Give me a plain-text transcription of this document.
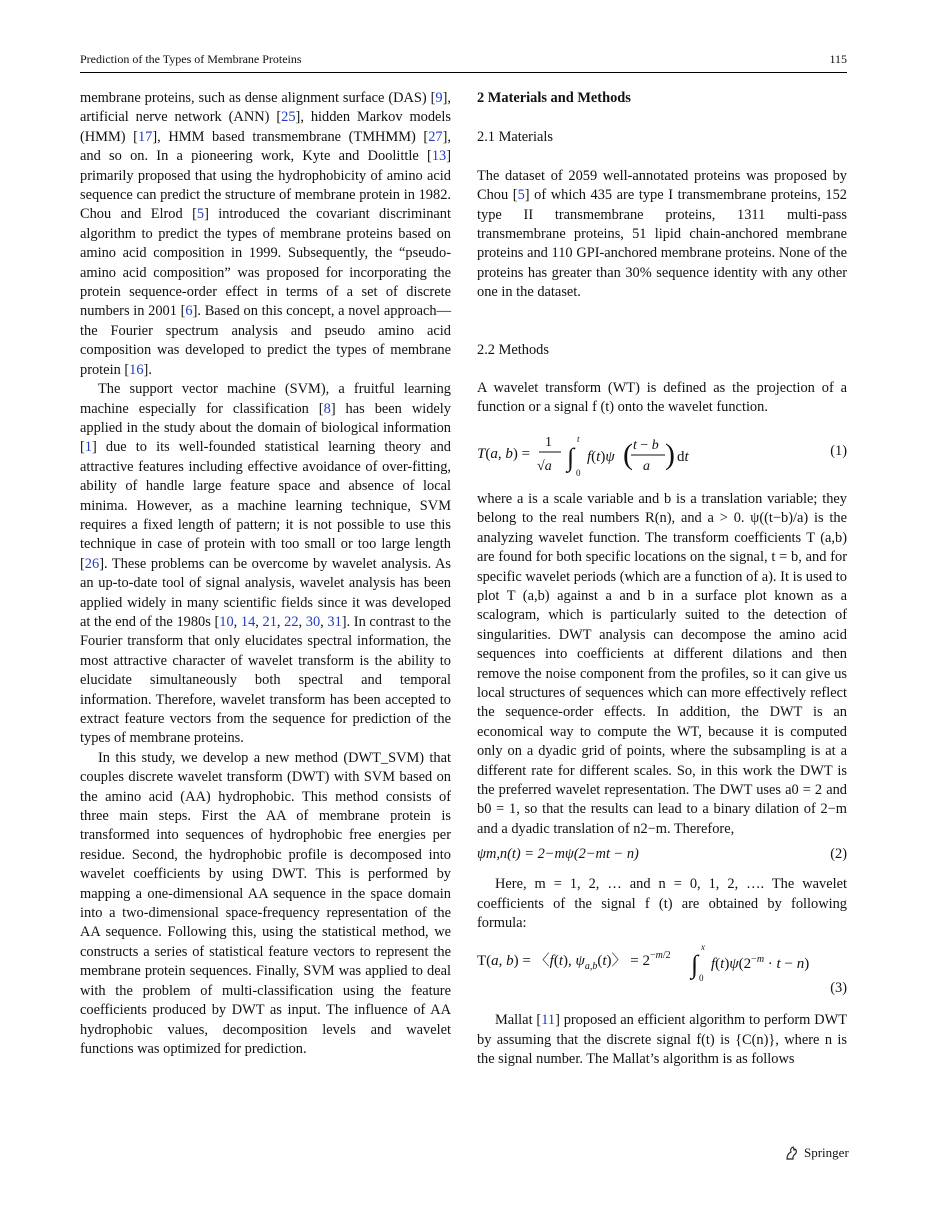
Prediction of the Types of Membrane Proteins	115

membrane proteins, such as dense alignment surface (DAS) [9], artificial nerve network (ANN) [25], hidden Markov models (HMM) [17], HMM based transmembrane (TMHMM) [27], and so on. In a pioneering work, Kyte and Doolittle [13] primarily proposed that using the hydrophobicity of amino acid sequence can predict the structure of membrane protein in 1982. Chou and Elrod [5] introduced the covariant discriminant algorithm to predict the types of membrane proteins based on amino acid composition in 1999. Subsequently, the “pseudo-amino acid composition” was proposed for incorporating the protein sequence-order effect in terms of a set of discrete numbers in 2001 [6]. Based on this concept, a novel approach—the Fourier spectrum analysis and pseudo amino acid composition was developed to predict the types of membrane protein [16].

The support vector machine (SVM), a fruitful learning machine especially for classification [8] has been widely applied in the study about the domain of biological information [1] due to its well-founded statistical learning theory and attractive features including effective avoidance of over-fitting, ability of handle large feature space and absence of local minima. However, as a machine learning technique, SVM requires a fixed length of pattern; it is not possible to use this technique in case of protein with too small or too large length [26]. These problems can be overcome by wavelet analysis. As an up-to-date tool of signal analysis, wavelet analysis has been applied widely in many scientific fields since it was developed at the end of the 1980s [10, 14, 21, 22, 30, 31]. In contrast to the Fourier transform that only elucidates spectral information, the most attractive character of wavelet transform is the ability to elucidate simultaneously both spectral and temporal information. Therefore, wavelet transform has been accepted to extract feature vectors from the sequence for prediction of the types of membrane proteins.

In this study, we develop a new method (DWT_SVM) that couples discrete wavelet transform (DWT) with SVM based on the amino acid (AA) hydrophobic. This method consists of three main steps. First the AA of membrane protein is transformed into sequences of hydrophobic free energies per residue. Second, the hydrophobic profile is decomposed into wavelet coefficients by using DWT. This is performed by mapping a one-dimensional AA sequence in the space domain into a two-dimensional space-frequency representation of the AA sequence. Following this, using the statistical method, we constructs a series of statistical feature vectors to represent the membrane protein sequences. Finally, SVM was applied to deal with the problem of multi-classification using the feature coefficients produced by DWT as input. The influence of AA hydrophobic values, decomposition levels and wavelet functions was optimized for prediction.

2 Materials and Methods

2.1 Materials

The dataset of 2059 well-annotated proteins was proposed by Chou [5] of which 435 are type I transmembrane proteins, 152 type II transmembrane proteins, 1311 multi-pass transmembrane proteins, 51 lipid chain-anchored membrane proteins and 110 GPI-anchored membrane proteins. None of the proteins has greater than 30% sequence identity with any other one in the dataset.

2.2 Methods

A wavelet transform (WT) is defined as the projection of a function or a signal f (t) onto the wavelet function.

T(a, b) =
1
√a ∫
t
0
f(t)ψ ( t − b
a ) dt	(1)

where a is a scale variable and b is a translation variable; they belong to the real numbers R(n), and a > 0. ψ((t−b)/a) is the analyzing wavelet function. The transform coefficients T (a,b) are found for both specific locations on the signal, t = b, and for specific wavelet periods (which are a function of a). It is used to plot T (a,b) against a and b in a surface plot known as a scalogram, which is particularly suited to the detection of singularities. DWT analysis can decompose the amino acid sequences into coefficients at different dilations and then remove the noise component from the profiles, so it can give us local structures of sequences which can more effectively reflect the sequence-order effects. In addition, the DWT is an economical way to compute the WT, because it is computed only on a dyadic grid of points, where the subsampling is at a different rate for different scales. So, in this work the DWT is the preferred wavelet representation. The DWT uses a0 = 2 and b0 = 1, so that the results can lead to a binary dilation of 2−m and a dyadic translation of n2−m. Therefore,

ψm,n(t) = 2−mψ(2−mt − n)	(2)

Here, m = 1, 2, … and n = 0, 1, 2, …. The wavelet coefficients of the signal f (t) are obtained by following formula:

T(a, b) = 〈f(t), $\psi_{a,b}(t)$〉 = $2^{-m/2}$ ∫
x
0
$f(t)\psi(2^{-m} \cdot t - n)$
(3)

Mallat [11] proposed an efficient algorithm to perform DWT by assuming that the discrete signal f(t) is {C(n)}, where n is the signal number. The Mallat’s algorithm is as follows

Springer
